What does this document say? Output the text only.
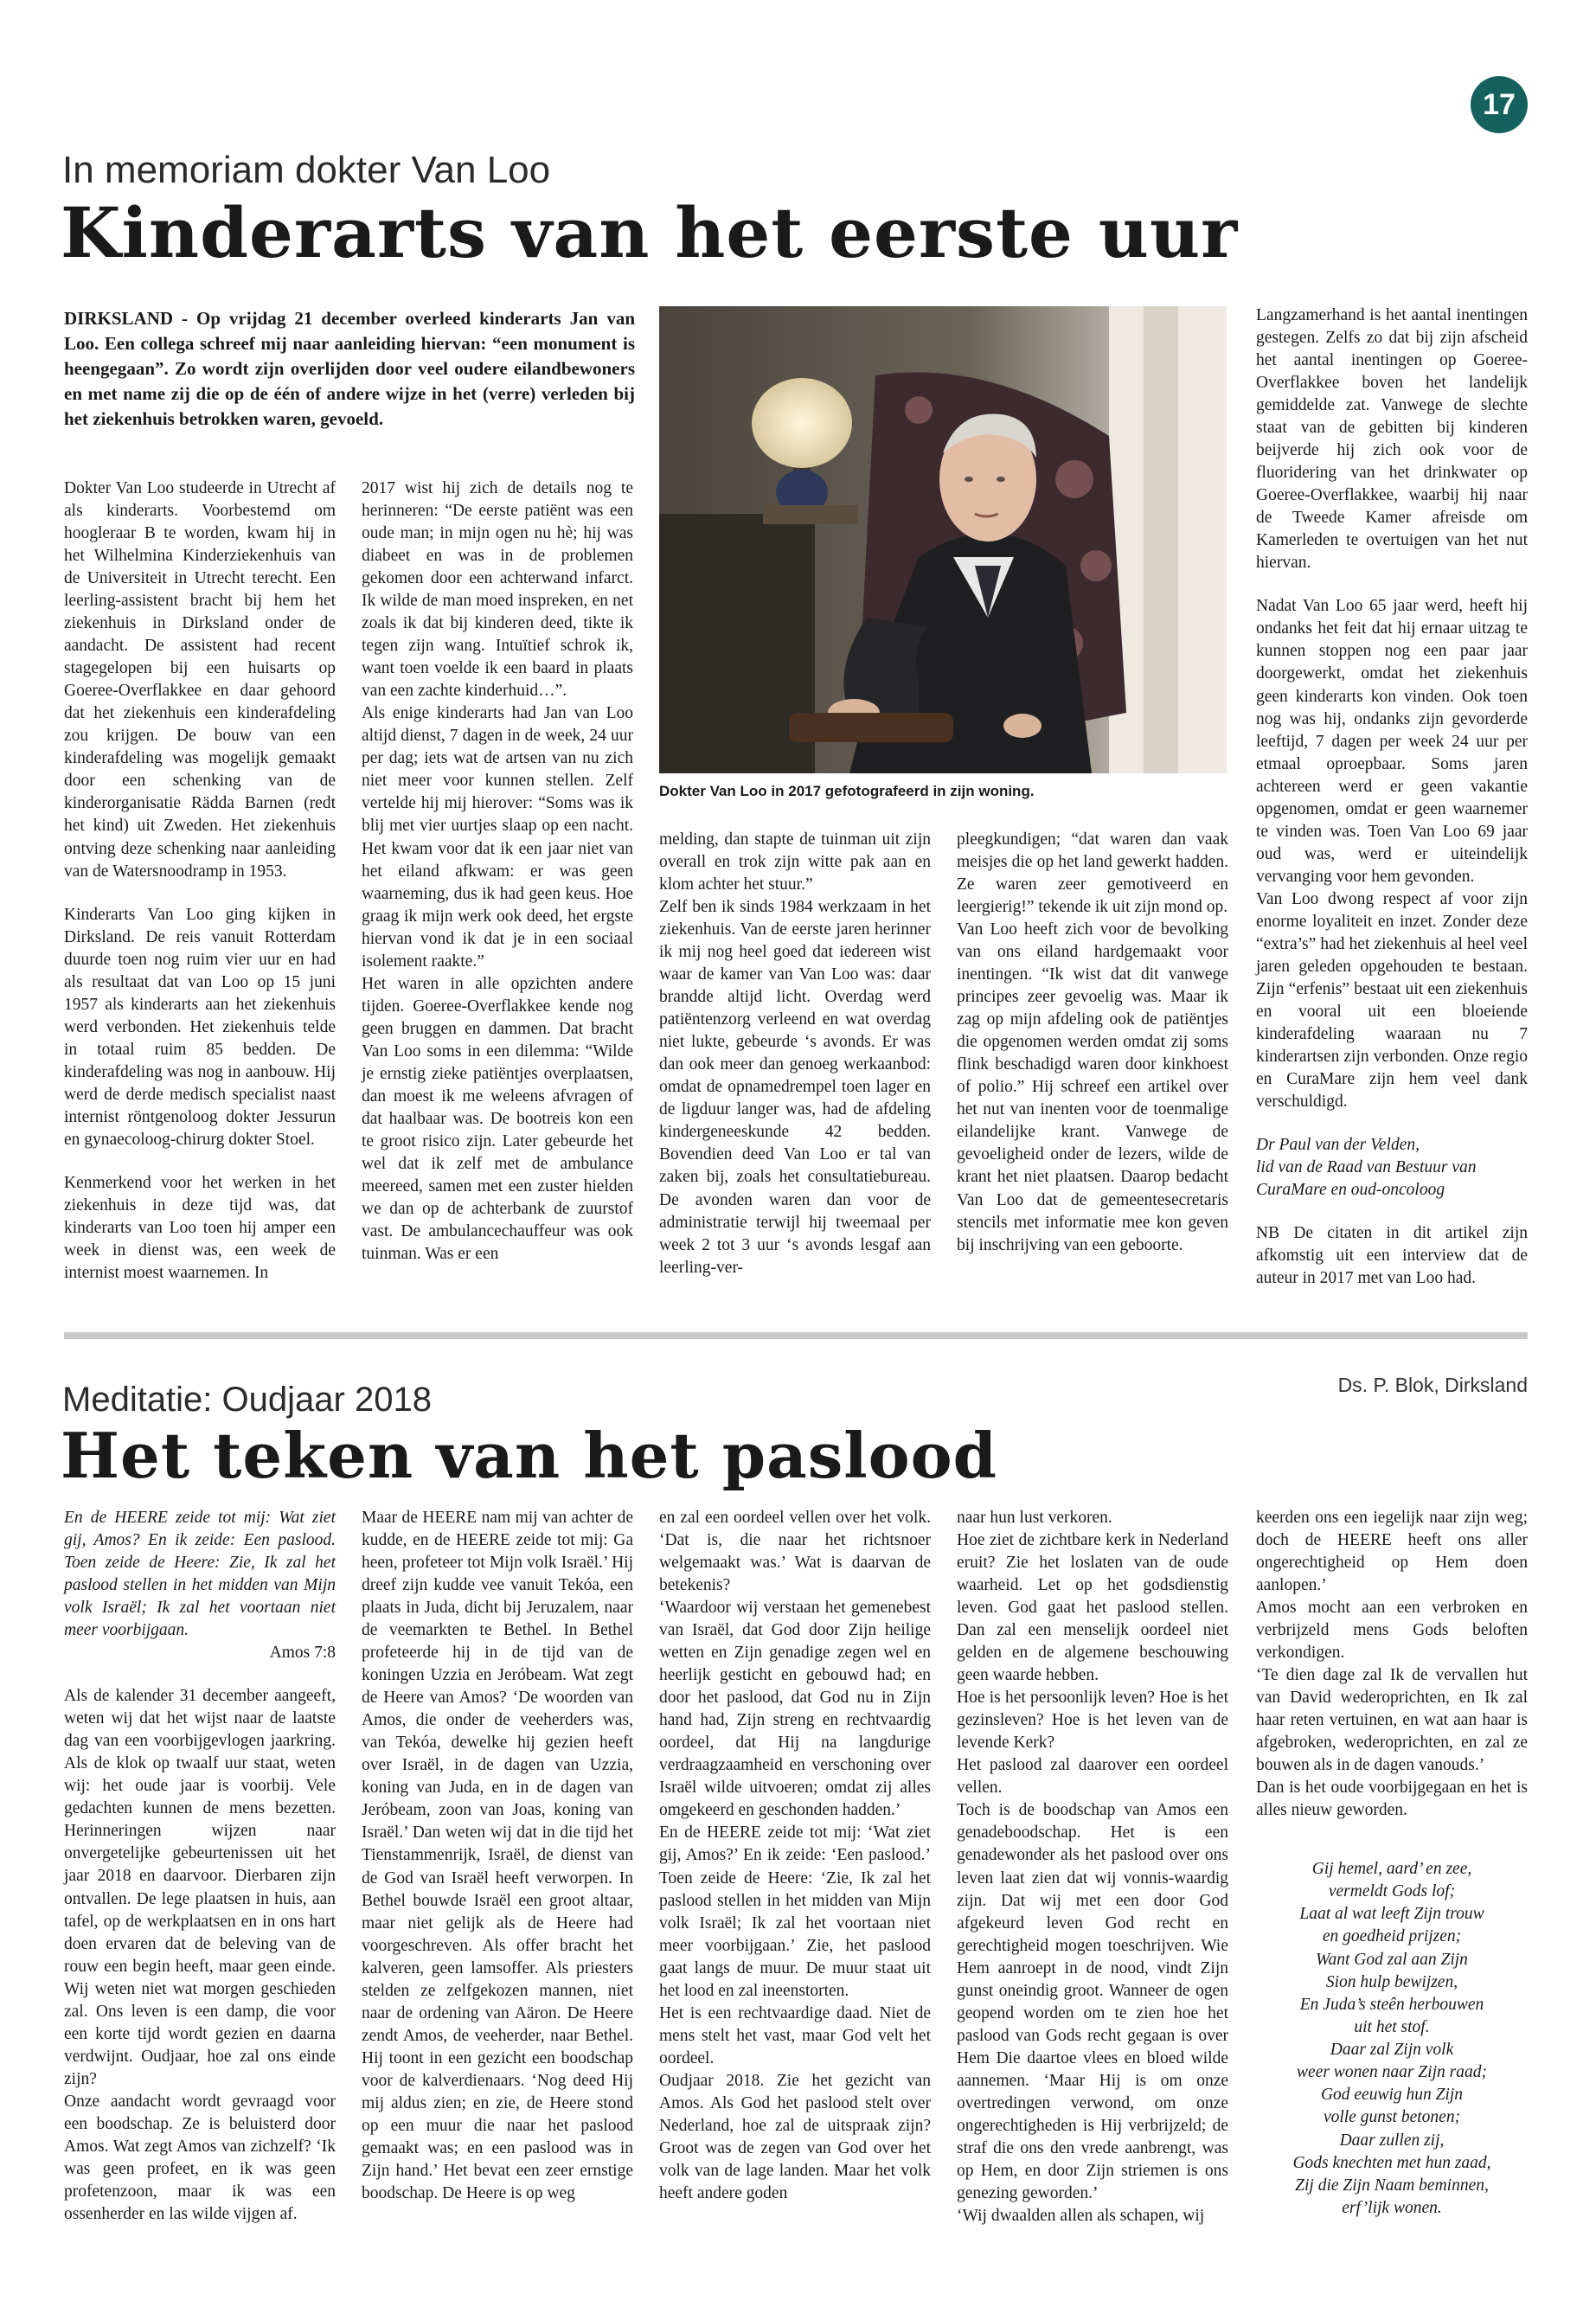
17
In memoriam dokter Van Loo
Kinderarts van het eerste uur
DIRKSLAND - Op vrijdag 21 december overleed kinderarts Jan van Loo. Een collega schreef mij naar aanleiding hiervan: “een monument is heengegaan”. Zo wordt zijn overlijden door veel oudere eilandbewoners en met name zij die op de één of andere wijze in het (verre) verleden bij het ziekenhuis betrokken waren, gevoeld.

Dokter Van Loo studeerde in Utrecht af als kinderarts. Voorbestemd om hoogleraar B te worden, kwam hij in het Wilhelmina Kinderziekenhuis van de Universiteit in Utrecht terecht. Een leerling-assistent bracht bij hem het ziekenhuis in Dirksland onder de aandacht. De assistent had recent stagegelopen bij een huisarts op Goeree-Overflakkee en daar gehoord dat het ziekenhuis een kinderafdeling zou krijgen. De bouw van een kinderafdeling was mogelijk gemaakt door een schenking van de kinderorganisatie Rädda Barnen (redt het kind) uit Zweden. Het ziekenhuis ontving deze schenking naar aanleiding van de Watersnoodramp in 1953.

Kinderarts Van Loo ging kijken in Dirksland. De reis vanuit Rotterdam duurde toen nog ruim vier uur en had als resultaat dat van Loo op 15 juni 1957 als kinderarts aan het ziekenhuis werd verbonden. Het ziekenhuis telde in totaal ruim 85 bedden. De kinderafdeling was nog in aanbouw. Hij werd de derde medisch specialist naast internist röntgenoloog dokter Jessurun en gynaecoloog-chirurg dokter Stoel.

Kenmerkend voor het werken in het ziekenhuis in deze tijd was, dat kinderarts van Loo toen hij amper een week in dienst was, een week de internist moest waarnemen. In

2017 wist hij zich de details nog te herinneren: “De eerste patiënt was een oude man; in mijn ogen nu hè; hij was diabeet en was in de problemen gekomen door een achterwand infarct. Ik wilde de man moed inspreken, en net zoals ik dat bij kinderen deed, tikte ik tegen zijn wang. Intuïtief schrok ik, want toen voelde ik een baard in plaats van een zachte kinderhuid…”.

Als enige kinderarts had Jan van Loo altijd dienst, 7 dagen in de week, 24 uur per dag; iets wat de artsen van nu zich niet meer voor kunnen stellen. Zelf vertelde hij mij hierover: “Soms was ik blij met vier uurtjes slaap op een nacht. Het kwam voor dat ik een jaar niet van het eiland afkwam: er was geen waarneming, dus ik had geen keus. Hoe graag ik mijn werk ook deed, het ergste hiervan vond ik dat je in een sociaal isolement raakte.”

Het waren in alle opzichten andere tijden. Goeree-Overflakkee kende nog geen bruggen en dammen. Dat bracht Van Loo soms in een dilemma: “Wilde je ernstig zieke patiëntjes overplaatsen, dan moest ik me weleens afvragen of dat haalbaar was. De bootreis kon een te groot risico zijn. Later gebeurde het wel dat ik zelf met de ambulance meereed, samen met een zuster hielden we dan op de achterbank de zuurstof vast. De ambulancechauffeur was ook tuinman. Was er een

Dokter Van Loo in 2017 gefotografeerd in zijn woning.

melding, dan stapte de tuinman uit zijn overall en trok zijn witte pak aan en klom achter het stuur.”

Zelf ben ik sinds 1984 werkzaam in het ziekenhuis. Van de eerste jaren herinner ik mij nog heel goed dat iedereen wist waar de kamer van Van Loo was: daar brandde altijd licht. Overdag werd patiëntenzorg verleend en wat overdag niet lukte, gebeurde ‘s avonds. Er was dan ook meer dan genoeg werkaanbod: omdat de opnamedrempel toen lager en de ligduur langer was, had de afdeling kindergeneeskunde 42 bedden. Bovendien deed Van Loo er tal van zaken bij, zoals het consultatiebureau. De avonden waren dan voor de administratie terwijl hij tweemaal per week 2 tot 3 uur ‘s avonds lesgaf aan leerling-ver-

pleegkundigen; “dat waren dan vaak meisjes die op het land gewerkt hadden. Ze waren zeer gemotiveerd en leergierig!” tekende ik uit zijn mond op.

Van Loo heeft zich voor de bevolking van ons eiland hardgemaakt voor inentingen. “Ik wist dat dit vanwege principes zeer gevoelig was. Maar ik zag op mijn afdeling ook de patiëntjes die opgenomen werden omdat zij soms flink beschadigd waren door kinkhoest of polio.” Hij schreef een artikel over het nut van inenten voor de toenmalige eilandelijke krant. Vanwege de gevoeligheid onder de lezers, wilde de krant het niet plaatsen. Daarop bedacht Van Loo dat de gemeentesecretaris stencils met informatie mee kon geven bij inschrijving van een geboorte.

Langzamerhand is het aantal inentingen gestegen. Zelfs zo dat bij zijn afscheid het aantal inentingen op Goeree-Overflakkee boven het landelijk gemiddelde zat. Vanwege de slechte staat van de gebitten bij kinderen beijverde hij zich ook voor de fluoridering van het drinkwater op Goeree-Overflakkee, waarbij hij naar de Tweede Kamer afreisde om Kamerleden te overtuigen van het nut hiervan.

Nadat Van Loo 65 jaar werd, heeft hij ondanks het feit dat hij ernaar uitzag te kunnen stoppen nog een paar jaar doorgewerkt, omdat het ziekenhuis geen kinderarts kon vinden. Ook toen nog was hij, ondanks zijn gevorderde leeftijd, 7 dagen per week 24 uur per etmaal oproepbaar. Soms jaren achtereen werd er geen vakantie opgenomen, omdat er geen waarnemer te vinden was. Toen Van Loo 69 jaar oud was, werd er uiteindelijk vervanging voor hem gevonden.

Van Loo dwong respect af voor zijn enorme loyaliteit en inzet. Zonder deze “extra’s” had het ziekenhuis al heel veel jaren geleden opgehouden te bestaan. Zijn “erfenis” bestaat uit een ziekenhuis en vooral uit een bloeiende kinderafdeling waaraan nu 7 kinderartsen zijn verbonden. Onze regio en CuraMare zijn hem veel dank verschuldigd.

Dr Paul van der Velden,

lid van de Raad van Bestuur van CuraMare en oud-oncoloog

NB De citaten in dit artikel zijn afkomstig uit een interview dat de auteur in 2017 met van Loo had.

Ds. P. Blok, Dirksland
Meditatie: Oudjaar 2018
Het teken van het paslood

En de HEERE zeide tot mij: Wat ziet gij, Amos? En ik zeide: Een paslood. Toen zeide de Heere: Zie, Ik zal het paslood stellen in het midden van Mijn volk Israël; Ik zal het voortaan niet meer voorbijgaan.

Amos 7:8

Als de kalender 31 december aangeeft, weten wij dat het wijst naar de laatste dag van een voorbijgevlogen jaarkring. Als de klok op twaalf uur staat, weten wij: het oude jaar is voorbij. Vele gedachten kunnen de mens bezetten. Herinneringen wijzen naar onvergetelijke gebeurtenissen uit het jaar 2018 en daarvoor. Dierbaren zijn ontvallen. De lege plaatsen in huis, aan tafel, op de werkplaatsen en in ons hart doen ervaren dat de beleving van de rouw een begin heeft, maar geen einde. Wij weten niet wat morgen geschieden zal. Ons leven is een damp, die voor een korte tijd wordt gezien en daarna verdwijnt. Oudjaar, hoe zal ons einde zijn?

Onze aandacht wordt gevraagd voor een boodschap. Ze is beluisterd door Amos. Wat zegt Amos van zichzelf? ‘Ik was geen profeet, en ik was geen profetenzoon, maar ik was een ossenherder en las wilde vijgen af.

Maar de HEERE nam mij van achter de kudde, en de HEERE zeide tot mij: Ga heen, profeteer tot Mijn volk Israël.’ Hij dreef zijn kudde vee vanuit Tekóa, een plaats in Juda, dicht bij Jeruzalem, naar de veemarkten te Bethel. In Bethel profeteerde hij in de tijd van de koningen Uzzia en Jeróbeam. Wat zegt de Heere van Amos? ‘De woorden van Amos, die onder de veeherders was, van Tekóa, dewelke hij gezien heeft over Israël, in de dagen van Uzzia, koning van Juda, en in de dagen van Jeróbeam, zoon van Joas, koning van Israël.’ Dan weten wij dat in die tijd het Tienstammenrijk, Israël, de dienst van de God van Israël heeft verworpen. In Bethel bouwde Israël een groot altaar, maar niet gelijk als de Heere had voorgeschreven. Als offer bracht het kalveren, geen lamsoffer. Als priesters stelden ze zelfgekozen mannen, niet naar de ordening van Aäron. De Heere zendt Amos, de veeherder, naar Bethel. Hij toont in een gezicht een boodschap voor de kalverdienaars. ‘Nog deed Hij mij aldus zien; en zie, de Heere stond op een muur die naar het paslood gemaakt was; en een paslood was in Zijn hand.’ Het bevat een zeer ernstige boodschap. De Heere is op weg

en zal een oordeel vellen over het volk. ‘Dat is, die naar het richtsnoer welgemaakt was.’ Wat is daarvan de betekenis?

‘Waardoor wij verstaan het gemenebest van Israël, dat God door Zijn heilige wetten en Zijn genadige zegen wel en heerlijk gesticht en gebouwd had; en door het paslood, dat God nu in Zijn hand had, Zijn streng en rechtvaardig oordeel, dat Hij na langdurige verdraagzaamheid en verschoning over Israël wilde uitvoeren; omdat zij alles omgekeerd en geschonden hadden.’

En de HEERE zeide tot mij: ‘Wat ziet gij, Amos?’ En ik zeide: ‘Een paslood.’ Toen zeide de Heere: ‘Zie, Ik zal het paslood stellen in het midden van Mijn volk Israël; Ik zal het voortaan niet meer voorbijgaan.’ Zie, het paslood gaat langs de muur. De muur staat uit het lood en zal ineenstorten.

Het is een rechtvaardige daad. Niet de mens stelt het vast, maar God velt het oordeel.

Oudjaar 2018. Zie het gezicht van Amos. Als God het paslood stelt over Nederland, hoe zal de uitspraak zijn? Groot was de zegen van God over het volk van de lage landen. Maar het volk heeft andere goden

naar hun lust verkoren.

Hoe ziet de zichtbare kerk in Nederland eruit? Zie het loslaten van de oude waarheid. Let op het godsdienstig leven. God gaat het paslood stellen. Dan zal een menselijk oordeel niet gelden en de algemene beschouwing geen waarde hebben.

Hoe is het persoonlijk leven? Hoe is het gezinsleven? Hoe is het leven van de levende Kerk?

Het paslood zal daarover een oordeel vellen.

Toch is de boodschap van Amos een genadeboodschap. Het is een genadewonder als het paslood over ons leven laat zien dat wij vonnis-waardig zijn. Dat wij met een door God afgekeurd leven God recht en gerechtigheid mogen toeschrijven. Wie Hem aanroept in de nood, vindt Zijn gunst oneindig groot. Wanneer de ogen geopend worden om te zien hoe het paslood van Gods recht gegaan is over Hem Die daartoe vlees en bloed wilde aannemen. ‘Maar Hij is om onze overtredingen verwond, om onze ongerechtigheden is Hij verbrijzeld; de straf die ons den vrede aanbrengt, was op Hem, en door Zijn striemen is ons genezing geworden.’

‘Wij dwaalden allen als schapen, wij

keerden ons een iegelijk naar zijn weg; doch de HEERE heeft ons aller ongerechtigheid op Hem doen aanlopen.’

Amos mocht aan een verbroken en verbrijzeld mens Gods beloften verkondigen.

‘Te dien dage zal Ik de vervallen hut van David wederoprichten, en Ik zal haar reten vertuinen, en wat aan haar is afgebroken, wederoprichten, en zal ze bouwen als in de dagen vanouds.’

Dan is het oude voorbijgegaan en het is alles nieuw geworden.

Gij hemel, aard’ en zee,
vermeldt Gods lof;
Laat al wat leeft Zijn trouw
en goedheid prijzen;
Want God zal aan Zijn
Sion hulp bewijzen,
En Juda’s steên herbouwen
uit het stof.
Daar zal Zijn volk
weer wonen naar Zijn raad;
God eeuwig hun Zijn
volle gunst betonen;
Daar zullen zij,
Gods knechten met hun zaad,
Zij die Zijn Naam beminnen,
erf’lijk wonen.
